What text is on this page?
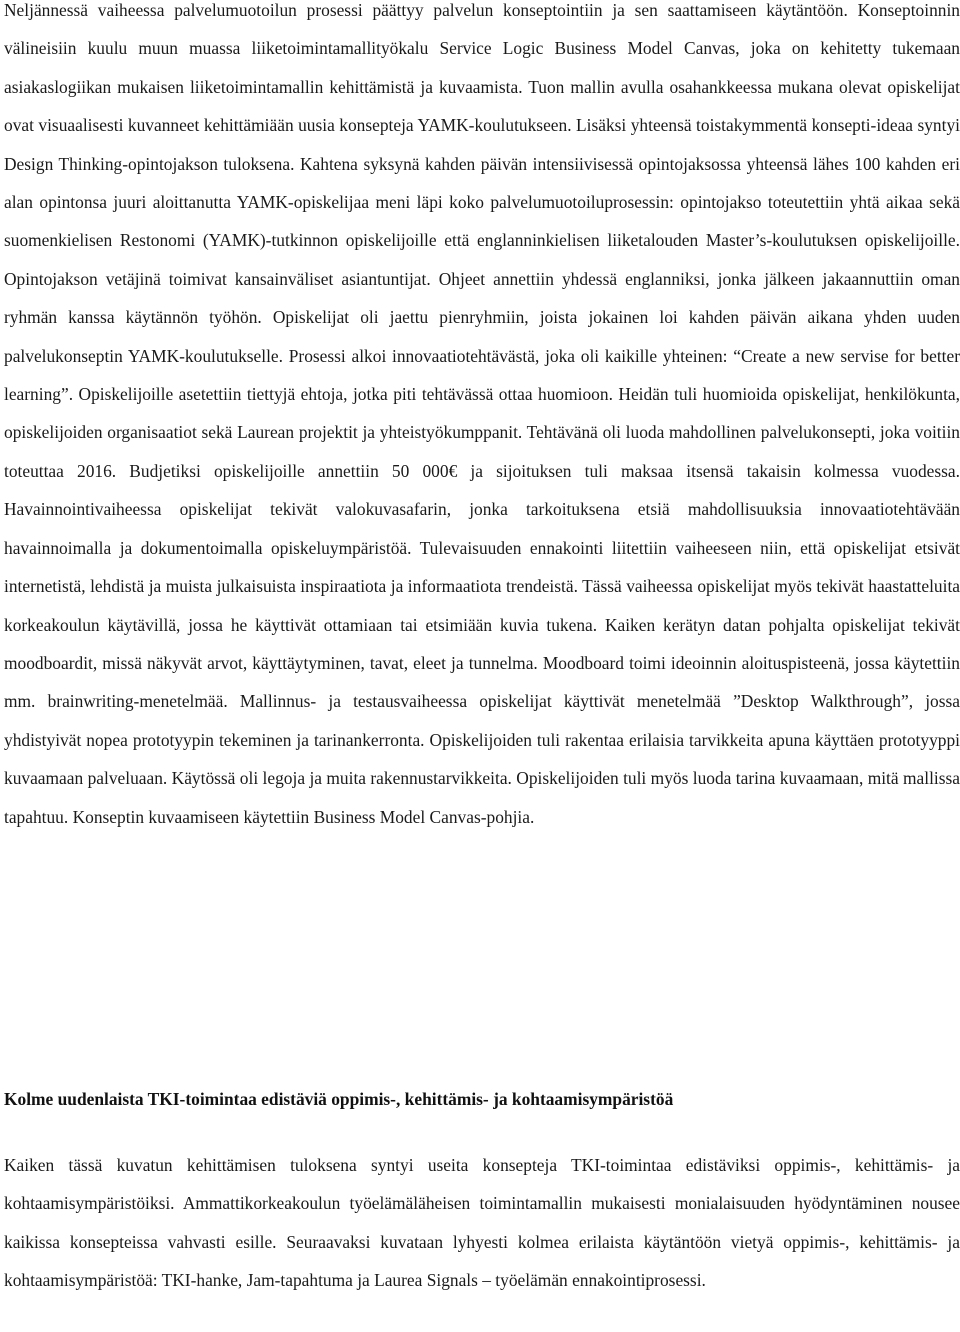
Neljännessä vaiheessa palvelumuotoilun prosessi päättyy palvelun konseptointiin ja sen saattamiseen käytäntöön. Konseptoinnin välineisiin kuulu muun muassa liiketoimintamallityökalu Service Logic Business Model Canvas, joka on kehitetty tukemaan asiakaslogiikan mukaisen liiketoimintamallin kehittämistä ja kuvaamista. Tuon mallin avulla osahankkeessa mukana olevat opiskelijat ovat visuaalisesti kuvanneet kehittämiään uusia konsepteja YAMK-koulutukseen. Lisäksi yhteensä toistakymmentä konsepti-ideaa syntyi Design Thinking-opintojakson tuloksena. Kahtena syksynä kahden päivän intensiivisessä opintojaksossa yhteensä lähes 100 kahden eri alan opintonsa juuri aloittanutta YAMK-opiskelijaa meni läpi koko palvelumuotoiluprosessin: opintojakso toteutettiin yhtä aikaa sekä suomenkielisen Restonomi (YAMK)-tutkinnon opiskelijoille että englanninkielisen liiketalouden Master’s-koulutuksen opiskelijoille. Opintojakson vetäjinä toimivat kansainväliset asiantuntijat. Ohjeet annettiin yhdessä englanniksi, jonka jälkeen jakaannuttiin oman ryhmän kanssa käytännön työhön. Opiskelijat oli jaettu pienryhmiin, joista jokainen loi kahden päivän aikana yhden uuden palvelukonseptin YAMK-koulutukselle. Prosessi alkoi innovaatiotehtävästä, joka oli kaikille yhteinen: “Create a new servise for better learning”. Opiskelijoille asetettiin tiettyjä ehtoja, jotka piti tehtävässä ottaa huomioon. Heidän tuli huomioida opiskelijat, henkilökunta, opiskelijoiden organisaatiot sekä Laurean projektit ja yhteistyökumppanit. Tehtävänä oli luoda mahdollinen palvelukonsepti, joka voitiin toteuttaa 2016. Budjetiksi opiskelijoille annettiin 50 000€ ja sijoituksen tuli maksaa itsensä takaisin kolmessa vuodessa. Havainnointivaiheessa opiskelijat tekivät valokuvasafarin, jonka tarkoituksena etsiä mahdollisuuksia innovaatiotehtävään havainnoimalla ja dokumentoimalla opiskeluympäristöä. Tulevaisuuden ennakointi liitettiin vaiheeseen niin, että opiskelijat etsivät internetistä, lehdistä ja muista julkaisuista inspiraatiota ja informaatiota trendeistä. Tässä vaiheessa opiskelijat myös tekivät haastatteluita korkeakoulun käytävillä, jossa he käyttivät ottamiaan tai etsimiään kuvia tukena. Kaiken kerätyn datan pohjalta opiskelijat tekivät moodboardit, missä näkyvät arvot, käyttäytyminen, tavat, eleet ja tunnelma. Moodboard toimi ideoinnin aloituspisteenä, jossa käytettiin mm. brainwriting-menetelmää. Mallinnus- ja testausvaiheessa opiskelijat käyttivät menetelmää ”Desktop Walkthrough”, jossa yhdistyivät nopea prototyypin tekeminen ja tarinankerronta. Opiskelijoiden tuli rakentaa erilaisia tarvikkeita apuna käyttäen prototyyppi kuvaamaan palveluaan. Käytössä oli legoja ja muita rakennustarvikkeita. Opiskelijoiden tuli myös luoda tarina kuvaamaan, mitä mallissa tapahtuu. Konseptin kuvaamiseen käytettiin Business Model Canvas-pohjia.

Kolme uudenlaista TKI-toimintaa edistäviä oppimis-, kehittämis- ja kohtaamisympäristöä

Kaiken tässä kuvatun kehittämisen tuloksena syntyi useita konsepteja TKI-toimintaa edistäviksi oppimis-, kehittämis- ja kohtaamisympäristöiksi. Ammattikorkeakoulun työelämäläheisen toimintamallin mukaisesti monialaisuuden hyödyntäminen nousee kaikissa konsepteissa vahvasti esille. Seuraavaksi kuvataan lyhyesti kolmea erilaista käytäntöön vietyä oppimis-, kehittämis- ja kohtaamisympäristöä: TKI-hanke, Jam-tapahtuma ja Laurea Signals – työelämän ennakointiprosessi.
